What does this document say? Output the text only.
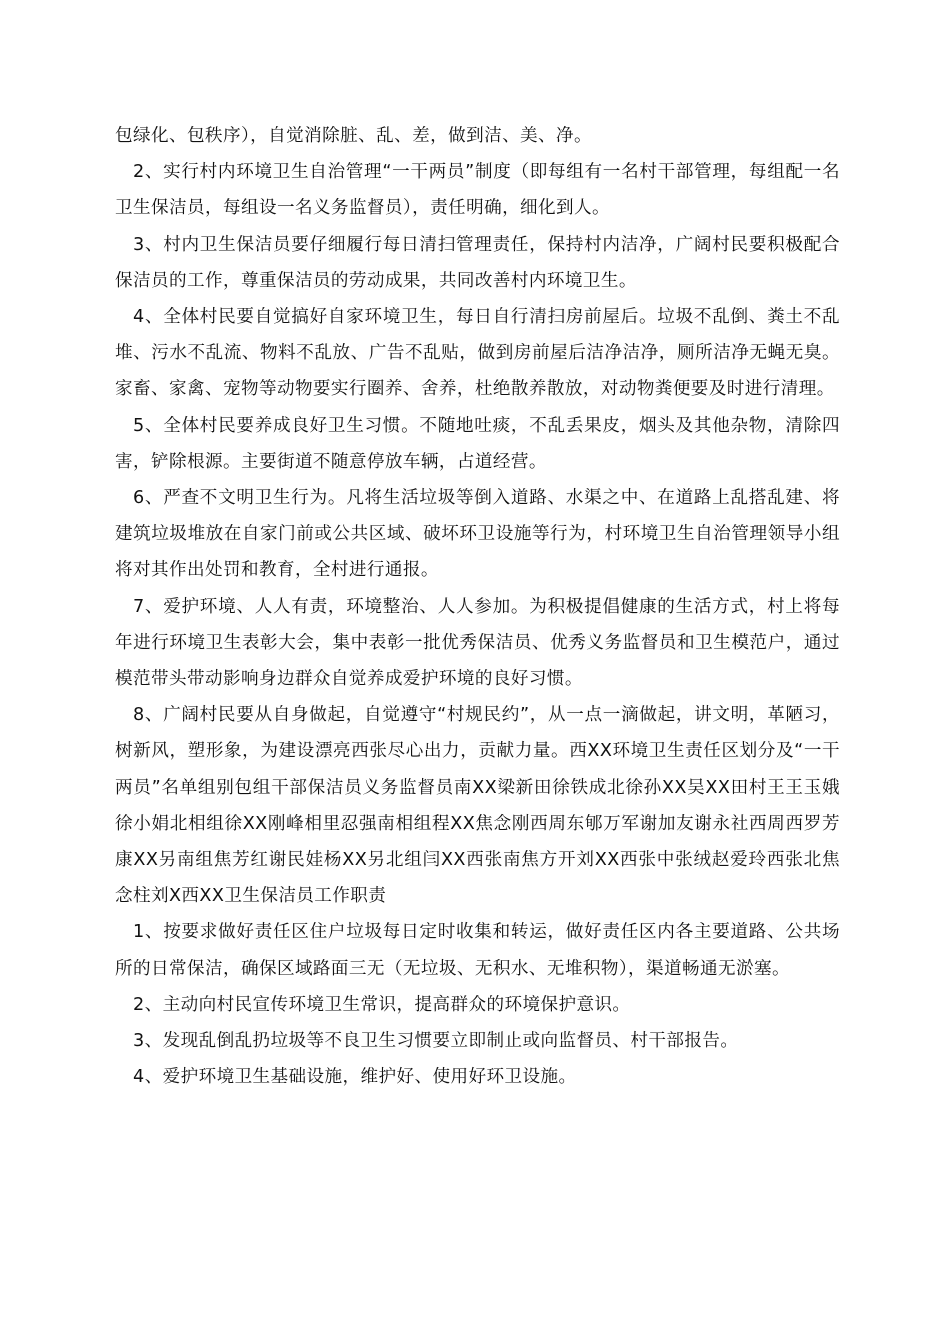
包绿化、包秩序），自觉消除脏、乱、差，做到洁、美、净。

2、实行村内环境卫生自治管理“一干两员”制度（即每组有一名村干部管理，每组配一名卫生保洁员，每组设一名义务监督员），责任明确，细化到人。

3、村内卫生保洁员要仔细履行每日清扫管理责任，保持村内洁净，广阔村民要积极配合保洁员的工作，尊重保洁员的劳动成果，共同改善村内环境卫生。

4、全体村民要自觉搞好自家环境卫生，每日自行清扫房前屋后。垃圾不乱倒、粪土不乱堆、污水不乱流、物料不乱放、广告不乱贴，做到房前屋后洁净洁净，厕所洁净无蝇无臭。家畜、家禽、宠物等动物要实行圈养、舍养，杜绝散养散放，对动物粪便要及时进行清理。

5、全体村民要养成良好卫生习惯。不随地吐痰，不乱丢果皮，烟头及其他杂物，清除四害，铲除根源。主要街道不随意停放车辆，占道经营。

6、严查不文明卫生行为。凡将生活垃圾等倒入道路、水渠之中、在道路上乱搭乱建、将建筑垃圾堆放在自家门前或公共区域、破坏环卫设施等行为，村环境卫生自治管理领导小组将对其作出处罚和教育，全村进行通报。

7、爱护环境、人人有责，环境整治、人人参加。为积极提倡健康的生活方式，村上将每年进行环境卫生表彰大会，集中表彰一批优秀保洁员、优秀义务监督员和卫生模范户，通过模范带头带动影响身边群众自觉养成爱护环境的良好习惯。

8、广阔村民要从自身做起，自觉遵守“村规民约”，从一点一滴做起，讲文明，革陋习，树新风，塑形象，为建设漂亮西张尽心出力，贡献力量。西XX环境卫生责任区划分及“一干两员”名单组别包组干部保洁员义务监督员南XX梁新田徐铁成北徐孙XX吴XX田村王王玉娥徐小娟北相组徐XX刚峰相里忍强南相组程XX焦念刚西周东郇万军谢加友谢永社西周西罗芳康XX另南组焦芳红谢民娃杨XX另北组闫XX西张南焦方开刘XX西张中张绒赵爱玲西张北焦念柱刘X西XX卫生保洁员工作职责

1、按要求做好责任区住户垃圾每日定时收集和转运，做好责任区内各主要道路、公共场所的日常保洁，确保区域路面三无（无垃圾、无积水、无堆积物），渠道畅通无淤塞。

2、主动向村民宣传环境卫生常识，提高群众的环境保护意识。

3、发现乱倒乱扔垃圾等不良卫生习惯要立即制止或向监督员、村干部报告。

4、爱护环境卫生基础设施，维护好、使用好环卫设施。
